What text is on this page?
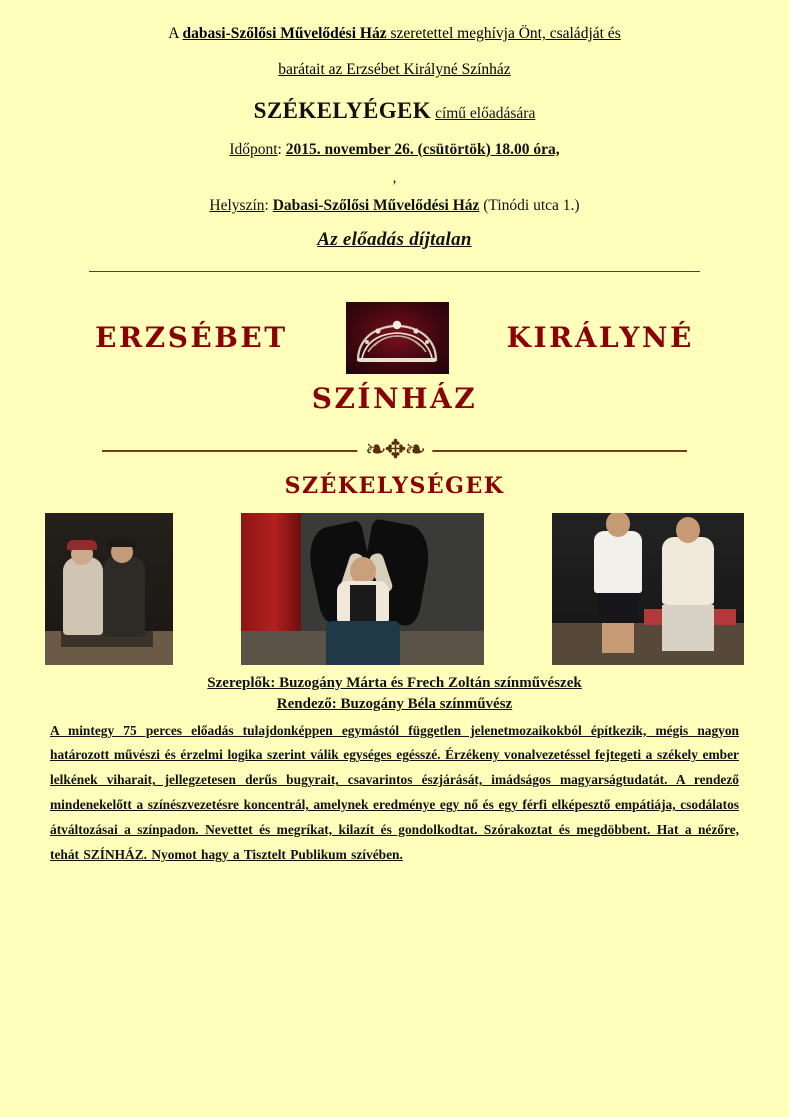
A dabasi-Szőlősi Művelődési Ház szeretettel meghívja Önt, családját és

barátait az Erzsébet Királyné Színház

SZÉKELYÉGEK című előadására

Időpont: 2015. november 26. (csütörtök) 18.00 óra,

,

Helyszín: Dabasi-Szőlősi Művelődési Ház (Tinódi utca 1.)

Az előadás díjtalan

ERZSÉBET	KIRÁLYNÉ
SZÍNHÁZ
❧✥❧
SZÉKELYSÉGEK
Szereplők: Buzogány Márta és Frech Zoltán színművészek
Rendező: Buzogány Béla színművész

A mintegy 75 perces előadás tulajdonképpen egymástól független jelenetmozaikokból építkezik, mégis nagyon határozott művészi és érzelmi logika szerint válik egységes egésszé. Érzékeny vonalvezetéssel fejtegeti a székely ember lelkének viharait, jellegzetesen derűs bugyrait, csavarintos észjárását, imádságos magyarságtudatát. A rendező mindenekelőtt a színészvezetésre koncentrál, amelynek eredménye egy nő és egy férfi elképesztő empátiája, csodálatos átváltozásai a színpadon. Nevettet és megríkat, kilazít és gondolkodtat. Szórakoztat és megdöbbent. Hat a nézőre, tehát SZÍNHÁZ. Nyomot hagy a Tisztelt Publikum szívében.
